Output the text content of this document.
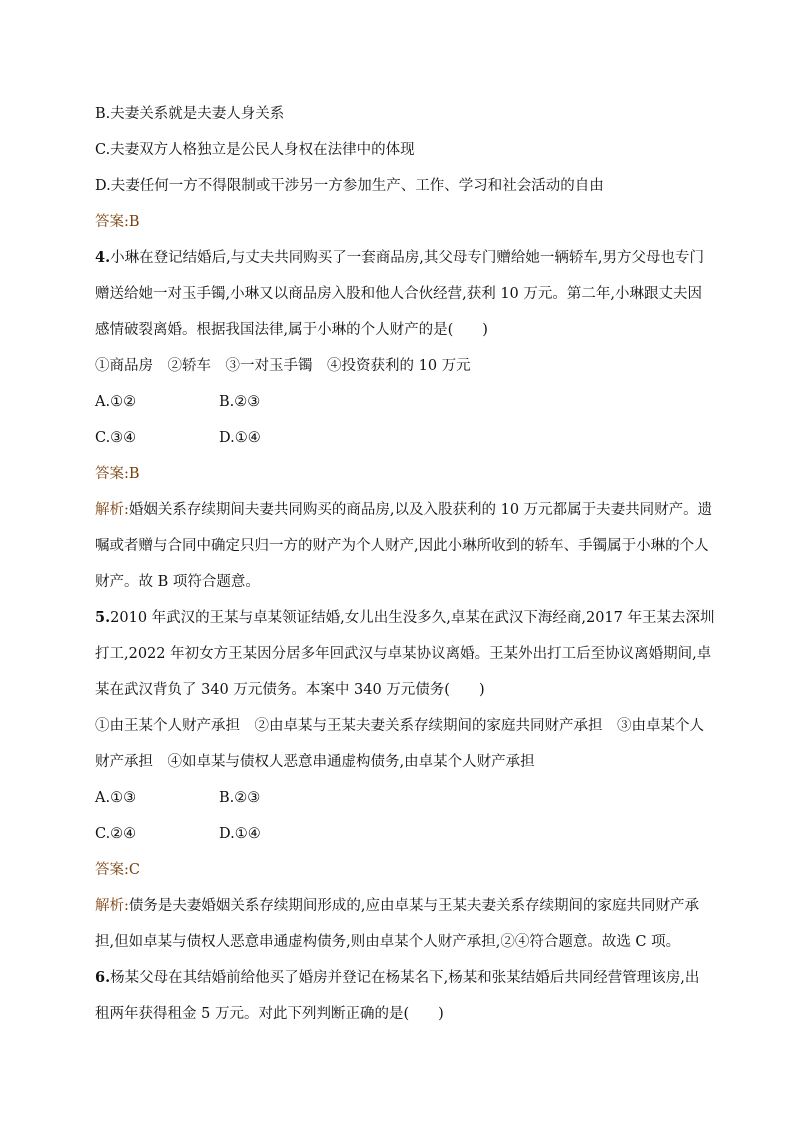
B.夫妻关系就是夫妻人身关系
C.夫妻双方人格独立是公民人身权在法律中的体现
D.夫妻任何一方不得限制或干涉另一方参加生产、工作、学习和社会活动的自由
答案:B
4.小琳在登记结婚后,与丈夫共同购买了一套商品房,其父母专门赠给她一辆轿车,男方父母也专门
赠送给她一对玉手镯,小琳又以商品房入股和他人合伙经营,获利 10 万元。第二年,小琳跟丈夫因
感情破裂离婚。根据我国法律,属于小琳的个人财产的是(　　)
①商品房　②轿车　③一对玉手镯　④投资获利的 10 万元
A.①②	B.②③
C.③④	D.①④
答案:B
解析:婚姻关系存续期间夫妻共同购买的商品房,以及入股获利的 10 万元都属于夫妻共同财产。遗
嘱或者赠与合同中确定只归一方的财产为个人财产,因此小琳所收到的轿车、手镯属于小琳的个人
财产。故 B 项符合题意。
5.2010 年武汉的王某与卓某领证结婚,女儿出生没多久,卓某在武汉下海经商,2017 年王某去深圳
打工,2022 年初女方王某因分居多年回武汉与卓某协议离婚。王某外出打工后至协议离婚期间,卓
某在武汉背负了 340 万元债务。本案中 340 万元债务(　　)
①由王某个人财产承担　②由卓某与王某夫妻关系存续期间的家庭共同财产承担　③由卓某个人
财产承担　④如卓某与债权人恶意串通虚构债务,由卓某个人财产承担
A.①③	B.②③
C.②④	D.①④
答案:C
解析:债务是夫妻婚姻关系存续期间形成的,应由卓某与王某夫妻关系存续期间的家庭共同财产承
担,但如卓某与债权人恶意串通虚构债务,则由卓某个人财产承担,②④符合题意。故选 C 项。
6.杨某父母在其结婚前给他买了婚房并登记在杨某名下,杨某和张某结婚后共同经营管理该房,出
租两年获得租金 5 万元。对此下列判断正确的是(　　)
